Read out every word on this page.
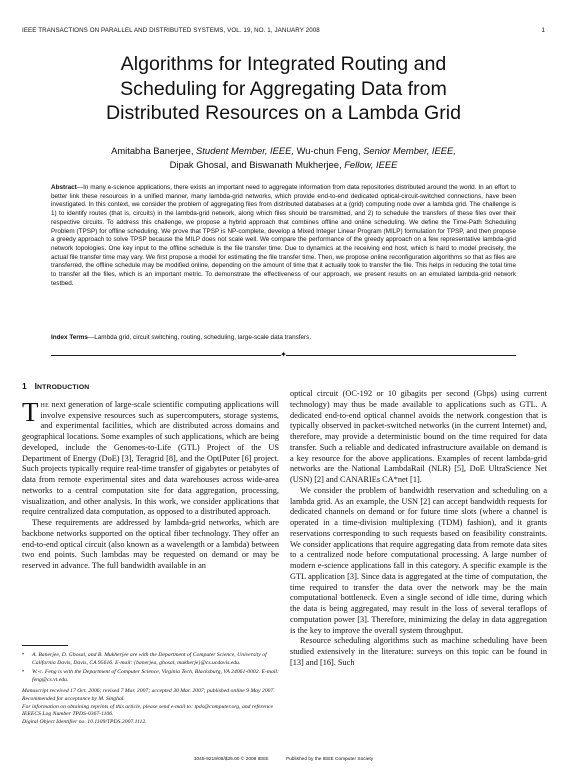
IEEE TRANSACTIONS ON PARALLEL AND DISTRIBUTED SYSTEMS, VOL. 19, NO. 1, JANUARY 2008	1
Algorithms for Integrated Routing and
Scheduling for Aggregating Data from
Distributed Resources on a Lambda Grid
Amitabha Banerjee, Student Member, IEEE, Wu-chun Feng, Senior Member, IEEE,
Dipak Ghosal, and Biswanath Mukherjee, Fellow, IEEE
Abstract—In many e-science applications, there exists an important need to aggregate information from data repositories distributed around the world. In an effort to better link these resources in a unified manner, many lambda-grid networks, which provide end-to-end dedicated optical-circuit-switched connections, have been investigated. In this context, we consider the problem of aggregating files from distributed databases at a (grid) computing node over a lambda grid. The challenge is 1) to identify routes (that is, circuits) in the lambda-grid network, along which files should be transmitted, and 2) to schedule the transfers of these files over their respective circuits. To address this challenge, we propose a hybrid approach that combines offline and online scheduling. We define the Time-Path Scheduling Problem (TPSP) for offline scheduling. We prove that TPSP is NP-complete, develop a Mixed Integer Linear Program (MILP) formulation for TPSP, and then propose a greedy approach to solve TPSP because the MILP does not scale well. We compare the performance of the greedy approach on a few representative lambda-grid network topologies. One key input to the offline schedule is the file transfer time. Due to dynamics at the receiving end host, which is hard to model precisely, the actual file transfer time may vary. We first propose a model for estimating the file transfer time. Then, we propose online reconfiguration algorithms so that as files are transferred, the offline schedule may be modified online, depending on the amount of time that it actually took to transfer the file. This helps in reducing the total time to transfer all the files, which is an important metric. To demonstrate the effectiveness of our approach, we present results on an emulated lambda-grid network testbed.
Index Terms—Lambda grid, circuit switching, routing, scheduling, large-scale data transfers.
✦
1 INTRODUCTION

The next generation of large-scale scientific computing applications will involve expensive resources such as supercomputers, storage systems, and experimental facilities, which are distributed across domains and geographical locations. Some examples of such applications, which are being developed, include the Genomes-to-Life (GTL) Project of the US Department of Energy (DoE) [3], Teragrid [8], and the OptIPuter [6] project. Such projects typically require real-time transfer of gigabytes or petabytes of data from remote experimental sites and data warehouses across wide-area networks to a central computation site for data aggregation, processing, visualization, and other analysis. In this work, we consider applications that require centralized data computation, as opposed to a distributed approach.

These requirements are addressed by lambda-grid networks, which are backbone networks supported on the optical fiber technology. They offer an end-to-end optical circuit (also known as a wavelength or a lambda) between two end points. Such lambdas may be requested on demand or may be reserved in advance. The full bandwidth available in an

optical circuit (OC-192 or 10 gibagits per second (Gbps) using current technology) may thus be made available to applications such as GTL. A dedicated end-to-end optical channel avoids the network congestion that is typically observed in packet-switched networks (in the current Internet) and, therefore, may provide a deterministic bound on the time required for data transfer. Such a reliable and dedicated infrastructure available on demand is a key resource for the above applications. Examples of recent lambda-grid networks are the National LambdaRail (NLR) [5], DoE UltraScience Net (USN) [2] and CANARIEs CA*net [1].

We consider the problem of bandwidth reservation and scheduling on a lambda grid. As an example, the USN [2] can accept bandwidth requests for dedicated channels on demand or for future time slots (where a channel is operated in a time-division multiplexing (TDM) fashion), and it grants reservations corresponding to such requests based on feasibility constraints. We consider applications that require aggregating data from remote data sites to a centralized node before computational processing. A large number of modern e-science applications fall in this category. A specific example is the GTL application [3]. Since data is aggregated at the time of computation, the time required to transfer the data over the network may be the main computational bottleneck. Even a single second of idle time, during which the data is being aggregated, may result in the loss of several teraflops of computation power [3]. Therefore, minimizing the delay in data aggregation is the key to improve the overall system throughput.

Resource scheduling algorithms such as machine scheduling have been studied extensively in the literature: surveys on this topic can be found in [13] and [16]. Such

• A. Banerjee, D. Ghosal, and B. Mukherjee are with the Department of Computer Science, University of California Davis, Davis, CA 95616. E-mail: {banerjea, ghosal, mukherje}@cs.ucdavis.edu.
• W.-c. Feng is with the Department of Computer Science, Virginia Tech, Blacksburg, VA 24061-0002. E-mail: feng@cs.vt.edu.
Manuscript received 17 Oct. 2006; revised 7 Mar. 2007; accepted 30 Mar. 2007; published online 9 May 2007.
Recommended for acceptance by M. Singhal.
For information on obtaining reprints of this article, please send e-mail to: tpds@computer.org, and reference IEEECS Log Number TPDS-0367-1106.
Digital Object Identifier no. 10.1109/TPDS.2007.1112.
1045-9219/08/$25.00 © 2008 IEEE	Published by the IEEE Computer Society
